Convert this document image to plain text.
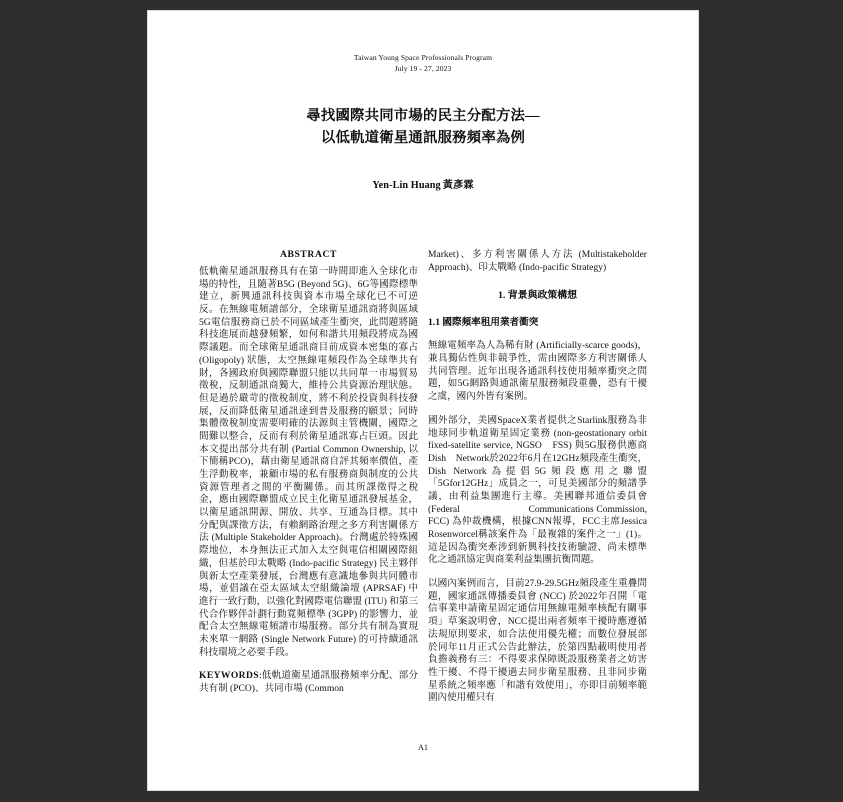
Taiwan Young Space Professionals Program
July 19 - 27, 2023
尋找國際共同市場的民主分配方法—
以低軌道衛星通訊服務頻率為例
Yen-Lin Huang 黃彥霖
ABSTRACT

低軌衛星通訊服務具有在第一時間即進入全球化市場的特性，且隨著B5G (Beyond 5G)、6G等國際標準建立，新興通訊科技與資本市場全球化已不可逆反。在無線電頻譜部分，全球衛星通訊商將與區域5G電信服務商已於不同區域產生衝突，此問題將隨科技進展而越發頻繁，如何和諧共用頻段將成為國際議題。而全球衛星通訊商目前成資本密集的寡占 (Oligopoly) 狀態，太空無線電頻段作為全球準共有財，各國政府與國際聯盟只能以共同單一市場貿易徵稅，反制通訊商獨大，維持公共資源治理狀態。但是過於嚴苛的徵稅制度，將不利於投資與科技發展，反而降低衛星通訊達到普及服務的願景；同時集體徵稅制度需要明確的法源與主管機關，國際之間難以整合，反而有利於衛星通訊寡占巨頭。因此本文提出部分共有制 (Partial Common Ownership, 以下簡稱PCO)，藉由衛星通訊商自評其頻率價值，產生浮動稅率，兼顧市場的私有服務商與制度的公共資源管理者之間的平衡關係。而其所課徵得之稅金，應由國際聯盟成立民主化衛星通訊發展基金，以衛星通訊開源、開放、共享、互通為目標。其中分配與課徵方法，有賴網路治理之多方利害關係方法 (Multiple Stakeholder Approach)。台灣處於特殊國際地位，本身無法正式加入太空與電信相關國際組織，但基於印太戰略 (Indo-pacific Strategy) 民主夥伴與新太空產業發展，台灣應有意識地參與共同體市場，並倡議在亞太區域太空組織論壇 (APRSAF) 中進行一致行動，以強化對國際電信聯盟 (ITU) 和第三代合作夥伴計劃行動寬頻標準 (3GPP) 的影響力，並配合太空無線電頻譜市場服務。部分共有制為實現未來單一網路 (Single Network Future) 的可持續通訊科技環境之必要手段。

KEYWORDS:低軌道衛星通訊服務頻率分配、部分共有制 (PCO)、共同市場 (Common

Market)、多方利害關係人方法 (Multistakeholder　　　　Approach)、印太戰略 (Indo-pacific Strategy)

1. 背景與政策構想
1.1 國際頻率租用業者衝突

無線電頻率為人為稀有財 (Artificially-scarce goods)，兼具獨佔性與非競爭性，需由國際多方利害關係人共同管理。近年出現各通訊科技使用頻率衝突之問題，如5G網路與通訊衛星服務頻段重疊，恐有干擾之虞，國內外皆有案例。

國外部分，美國SpaceX業者提供之Starlink服務為非地球同步軌道衛星固定業務 (non-geostationary orbit fixed-satellite service, NGSO　FSS) 與5G服務供應商Dish　Network於2022年6月在12GHz頻段產生衝突，Dish Network為提倡5G頻段應用之聯盟「5Gfor12GHz」成員之一，可見美國部分的頻譜爭議，由利益集團進行主導。美國聯邦通信委員會 (Federal　　　　　　　Communications Commission, FCC) 為仲裁機構，根據CNN報導，FCC主席Jessica Rosenworcel稱該案件為「最複雜的案件之一」(1)。這是因為衝突牽涉到新興科技技術驗證、尚未標準化之通訊協定與商業利益集團抗衡問題。

以國內案例而言，目前27.9-29.5GHz頻段產生重疊問題，國家通訊傳播委員會 (NCC) 於2022年召開「電信事業申請衛星固定通信用無線電頻率核配有關事項」草案說明會，NCC提出兩者頻率干擾時應遵循法規原則要求，如合法使用優先權；而數位發展部於同年11月正式公告此辦法，於第四點載明使用者負擔義務有三：不得要求保障既設服務業者之妨害性干擾、不得干擾過去同步衛星服務、且非同步衛星系統之頻率應「和諧有效使用」，亦即目前頻率範圍內使用權只有

A1
